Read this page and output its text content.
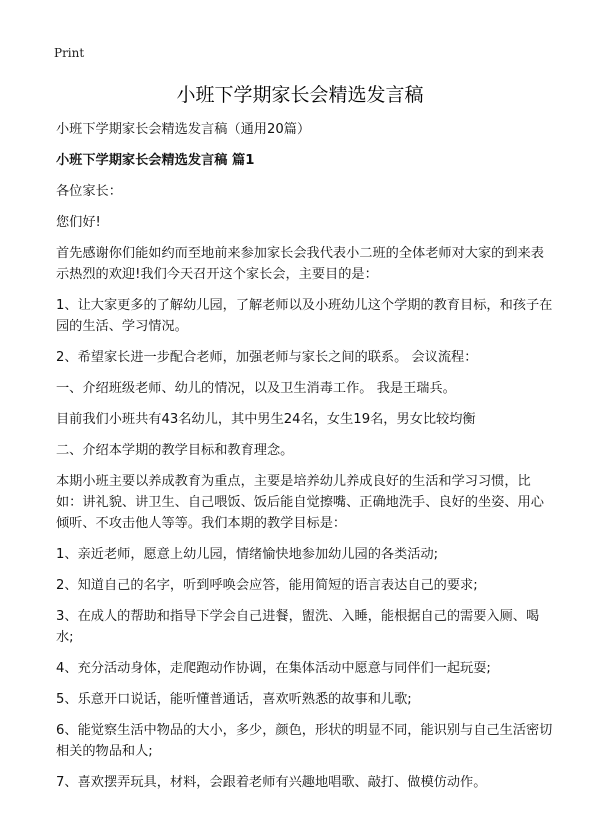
Print
小班下学期家长会精选发言稿

小班下学期家长会精选发言稿（通用20篇）

小班下学期家长会精选发言稿 篇1

各位家长：

您们好!

首先感谢你们能如约而至地前来参加家长会我代表小二班的全体老师对大家的到来表示热烈的欢迎!我们今天召开这个家长会，主要目的是：

1、让大家更多的了解幼儿园，了解老师以及小班幼儿这个学期的教育目标，和孩子在园的生活、学习情况。

2、希望家长进一步配合老师，加强老师与家长之间的联系。 会议流程：

一、介绍班级老师、幼儿的情况，以及卫生消毒工作。 我是王瑞兵。

目前我们小班共有43名幼儿，其中男生24名，女生19名，男女比较均衡

二、介绍本学期的教学目标和教育理念。

本期小班主要以养成教育为重点，主要是培养幼儿养成良好的生活和学习习惯，比如：讲礼貌、讲卫生、自己喂饭、饭后能自觉擦嘴、正确地洗手、良好的坐姿、用心倾听、不攻击他人等等。我们本期的教学目标是：

1、亲近老师，愿意上幼儿园，情绪愉快地参加幼儿园的各类活动;

2、知道自己的名字，听到呼唤会应答，能用简短的语言表达自己的要求;

3、在成人的帮助和指导下学会自己进餐，盥洗、入睡，能根据自己的需要入厕、喝水;

4、充分活动身体，走爬跑动作协调，在集体活动中愿意与同伴们一起玩耍;

5、乐意开口说话，能听懂普通话，喜欢听熟悉的故事和儿歌;

6、能觉察生活中物品的大小，多少，颜色，形状的明显不同，能识别与自己生活密切相关的物品和人;

7、喜欢摆弄玩具，材料，会跟着老师有兴趣地唱歌、敲打、做模仿动作。
